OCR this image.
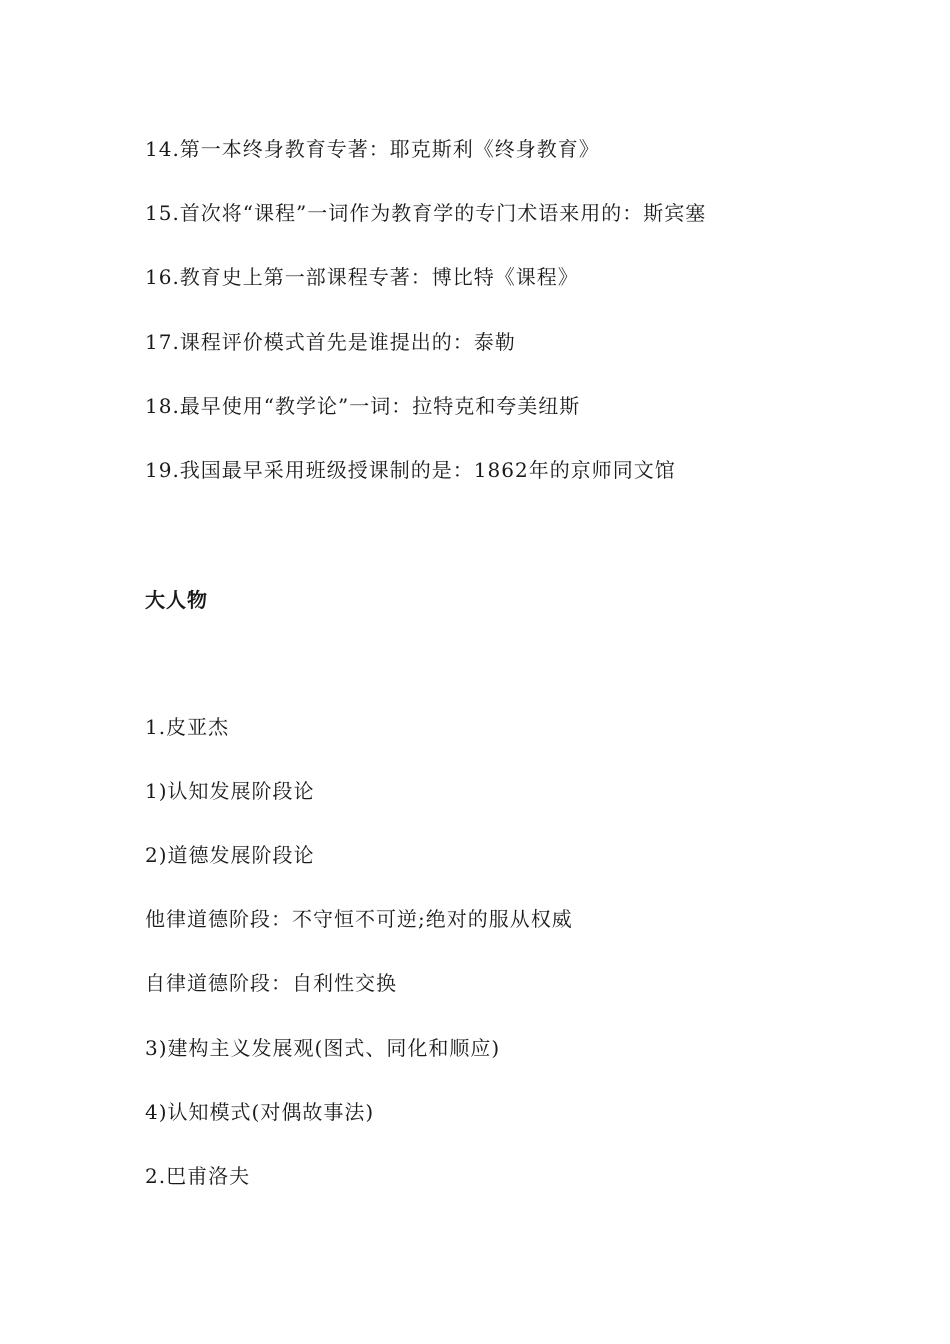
14.第一本终身教育专著：耶克斯利《终身教育》
15.首次将“课程”一词作为教育学的专门术语来用的：斯宾塞
16.教育史上第一部课程专著：博比特《课程》
17.课程评价模式首先是谁提出的：泰勒
18.最早使用“教学论”一词：拉特克和夸美纽斯
19.我国最早采用班级授课制的是：1862年的京师同文馆
大人物
1.皮亚杰
1)认知发展阶段论
2)道德发展阶段论
他律道德阶段：不守恒不可逆;绝对的服从权威
自律道德阶段：自利性交换
3)建构主义发展观(图式、同化和顺应)
4)认知模式(对偶故事法)
2.巴甫洛夫
